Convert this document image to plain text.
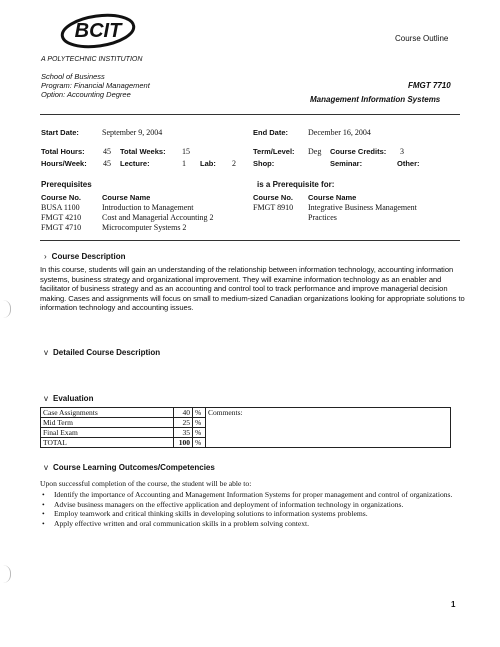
BCIT
A POLYTECHNIC INSTITUTION
Course Outline
School of Business
Program: Financial Management
Option: Accounting Degree
FMGT 7710
Management Information Systems
Start Date:	September 9, 2004	End Date: December 16, 2004
Total Hours: 45 Total Weeks: 15	Term/Level: Deg Course Credits: 3
Hours/Week: 45 Lecture:	1 Lab: 2 Shop:	Seminar:	Other:
Prerequisites
Course No.	Course Name
BUSA 1100	Introduction to Management
FMGT 4210	Cost and Managerial Accounting 2
FMGT 4710	Microcomputer Systems 2
is a Prerequisite for:
Course No. Course Name
FMGT 8910 Integrative Business Management
Practices
› Course Description
In this course, students will gain an understanding of the relationship between information technology, accounting information systems, business strategy and organizational improvement. They will examine information technology as an enabler and facilitator of business strategy and as an accounting and control tool to track performance and improve managerial decision making. Cases and assignments will focus on small to medium-sized Canadian organizations looking for appropriate solutions to information technology and accounting issues.
v Detailed Course Description
v Evaluation
Case Assignments	40	%	Comments:
Mid Term	25	%	
Final Exam	35	%	
TOTAL	100	%	
v Course Learning Outcomes/Competencies
Upon successful completion of the course, the student will be able to:
• Identify the importance of Accounting and Management Information Systems for proper management and control of organizations.
• Advise business managers on the effective application and deployment of information technology in organizations.
• Employ teamwork and critical thinking skills in developing solutions to information systems problems.
• Apply effective written and oral communication skills in a problem solving context.
1
